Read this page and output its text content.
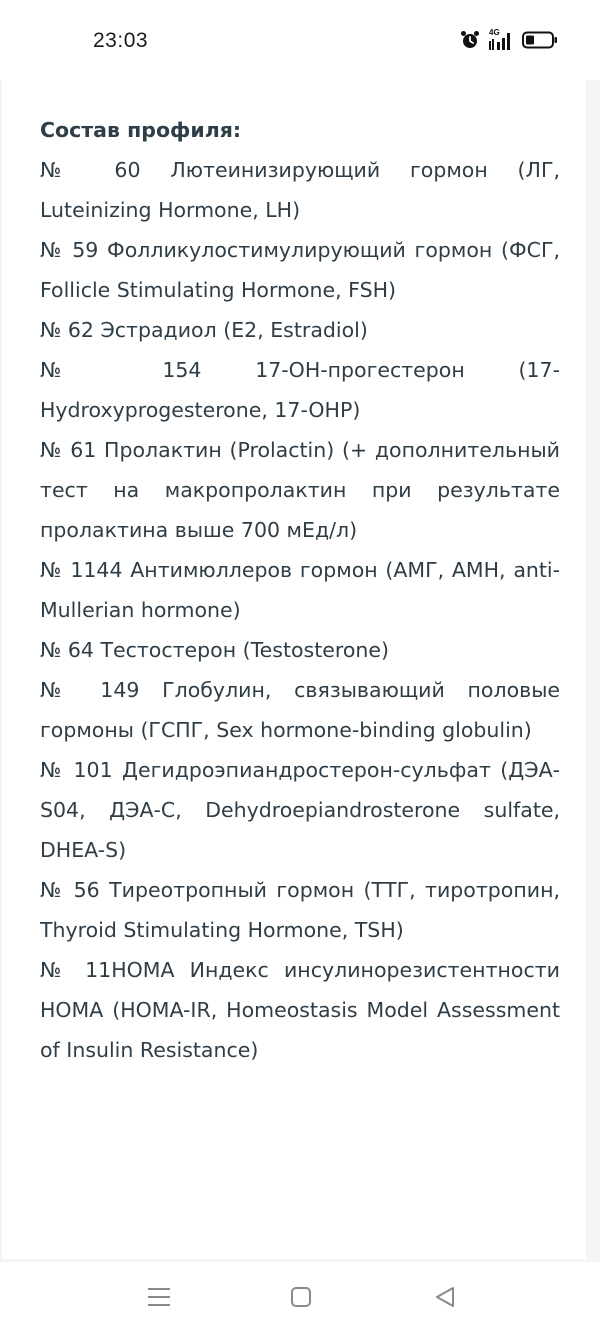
23:03	4G
Состав профиля:

№ 60 Лютеинизирующий гормон (ЛГ, Luteinizing Hormone, LH)

№ 59 Фолликулостимулирующий гормон (ФСГ, Follicle Stimulating Hormone, FSH)

№ 62 Эстрадиол (E2, Estradiol)

№ 154 17-ОН-прогестерон (17-Hydroxyprogesterone, 17-OHP)

№ 61 Пролактин (Prolactin) (+ дополнительный тест на макропролактин при результате пролактина выше 700 мЕд/л)

№ 1144 Антимюллеров гормон (АМГ, AMH, anti-Mullerian hormone)

№ 64 Тестостерон (Testosterone)

№ 149 Глобулин, связывающий половые гормоны (ГСПГ, Sex hormone-binding globulin)

№ 101 Дегидроэпиандростерон-сульфат (ДЭА-S04, ДЭА-С, Dehydroepiandrosterone sulfate, DHEA-S)

№ 56 Тиреотропный гормон (ТТГ, тиротропин, Thyroid Stimulating Hormone, TSH)

№ 11HOMA Индекс инсулинорезистентности HOMA (HOMA-IR, Homeostasis Model Assessment of Insulin Resistance)
